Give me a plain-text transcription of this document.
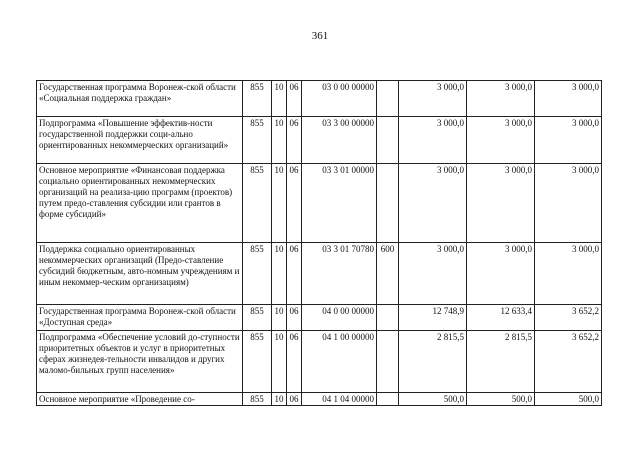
361
Государственная программа Воронеж-ской области «Социальная поддержка граждан»	855	10	06	03 0 00 00000		3 000,0	3 000,0	3 000,0
Подпрограмма «Повышение эффектив-ности государственной поддержки соци-ально ориентированных некоммерческих организаций»	855	10	06	03 3 00 00000		3 000,0	3 000,0	3 000,0
Основное мероприятие «Финансовая поддержка социально ориентированных некоммерческих организаций на реализа-цию программ (проектов) путем предо-ставления субсидии или грантов в форме субсидий»	855	10	06	03 3 01 00000		3 000,0	3 000,0	3 000,0
Поддержка социально ориентированных некоммерческих организаций (Предо-ставление субсидий бюджетным, авто-номным учреждениям и иным некоммер-ческим организациям)	855	10	06	03 3 01 70780	600	3 000,0	3 000,0	3 000,0
Государственная программа Воронеж-ской области «Доступная среда»	855	10	06	04 0 00 00000		12 748,9	12 633,4	3 652,2
Подпрограмма «Обеспечение условий до-ступности приоритетных объектов и услуг в приоритетных сферах жизнедея-тельности инвалидов и других маломо-бильных групп населения»	855	10	06	04 1 00 00000		2 815,5	2 815,5	3 652,2
Основное мероприятие «Проведение со-	855	10	06	04 1 04 00000		500,0	500,0	500,0
